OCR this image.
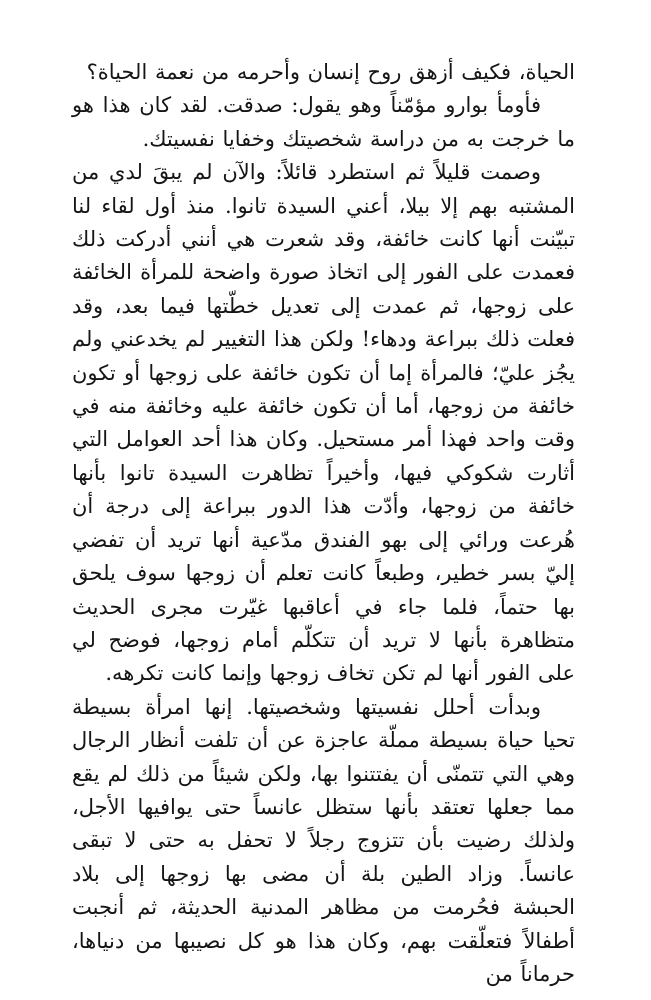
الحياة، فكيف أزهق روح إنسان وأحرمه من نعمة الحياة؟

فأومأ بوارو مؤمّناً وهو يقول: صدقت. لقد كان هذا هو ما خرجت به من دراسة شخصيتك وخفايا نفسيتك.

وصمت قليلاً ثم استطرد قائلاً: والآن لم يبقَ لدي من المشتبه بهم إلا بيلا، أعني السيدة تانوا. منذ أول لقاء لنا تبيّنت أنها كانت خائفة، وقد شعرت هي أنني أدركت ذلك فعمدت على الفور إلى اتخاذ صورة واضحة للمرأة الخائفة على زوجها، ثم عمدت إلى تعديل خطّتها فيما بعد، وقد فعلت ذلك ببراعة ودهاء! ولكن هذا التغيير لم يخدعني ولم يجُز عليّ؛ فالمرأة إما أن تكون خائفة على زوجها أو تكون خائفة من زوجها، أما أن تكون خائفة عليه وخائفة منه في وقت واحد فهذا أمر مستحيل. وكان هذا أحد العوامل التي أثارت شكوكي فيها، وأخيراً تظاهرت السيدة تانوا بأنها خائفة من زوجها، وأدّت هذا الدور ببراعة إلى درجة أن هُرعت ورائي إلى بهو الفندق مدّعية أنها تريد أن تفضي إليّ بسر خطير، وطبعاً كانت تعلم أن زوجها سوف يلحق بها حتماً، فلما جاء في أعاقبها غيّرت مجرى الحديث متظاهرة بأنها لا تريد أن تتكلّم أمام زوجها، فوضح لي على الفور أنها لم تكن تخاف زوجها وإنما كانت تكرهه.

وبدأت أحلل نفسيتها وشخصيتها. إنها امرأة بسيطة تحيا حياة بسيطة مملّة عاجزة عن أن تلفت أنظار الرجال وهي التي تتمنّى أن يفتتنوا بها، ولكن شيئاً من ذلك لم يقع مما جعلها تعتقد بأنها ستظل عانساً حتى يوافيها الأجل، ولذلك رضيت بأن تتزوج رجلاً لا تحفل به حتى لا تبقى عانساً. وزاد الطين بلة أن مضى بها زوجها إلى بلاد الحبشة فحُرمت من مظاهر المدنية الحديثة، ثم أنجبت أطفالاً فتعلّقت بهم، وكان هذا هو كل نصيبها من دنياها، حرماناً من
